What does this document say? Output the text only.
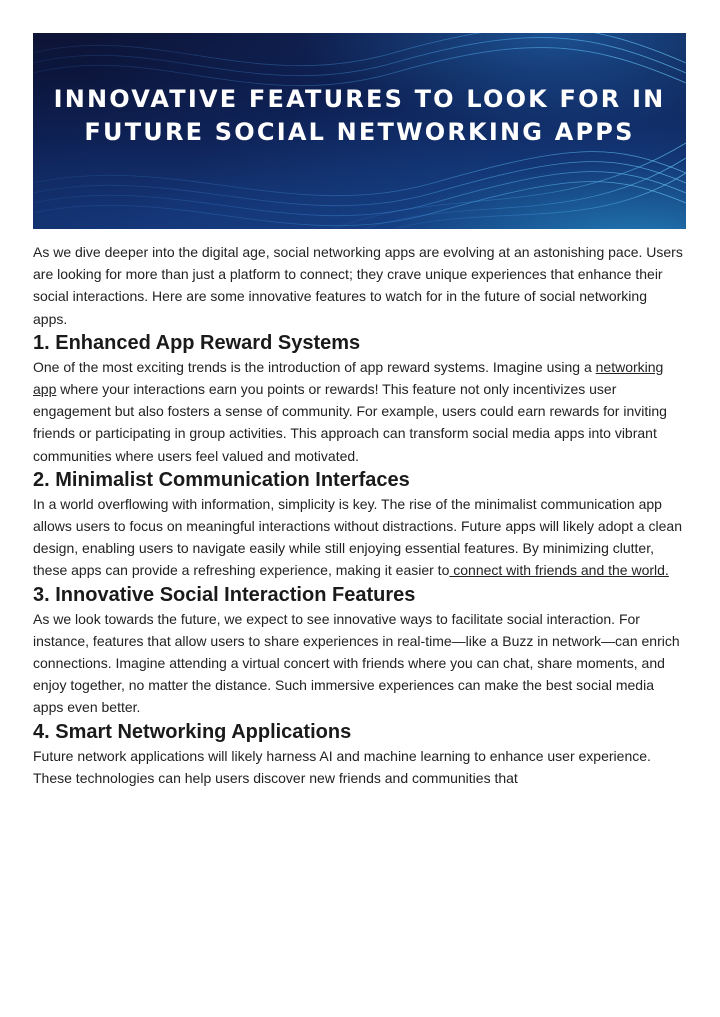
INNOVATIVE FEATURES TO LOOK FOR IN FUTURE SOCIAL NETWORKING APPS

As we dive deeper into the digital age, social networking apps are evolving at an astonishing pace. Users are looking for more than just a platform to connect; they crave unique experiences that enhance their social interactions. Here are some innovative features to watch for in the future of social networking apps.

1. Enhanced App Reward Systems

One of the most exciting trends is the introduction of app reward systems. Imagine using a networking app where your interactions earn you points or rewards! This feature not only incentivizes user engagement but also fosters a sense of community. For example, users could earn rewards for inviting friends or participating in group activities. This approach can transform social media apps into vibrant communities where users feel valued and motivated.

2. Minimalist Communication Interfaces

In a world overflowing with information, simplicity is key. The rise of the minimalist communication app allows users to focus on meaningful interactions without distractions. Future apps will likely adopt a clean design, enabling users to navigate easily while still enjoying essential features. By minimizing clutter, these apps can provide a refreshing experience, making it easier to connect with friends and the world.

3. Innovative Social Interaction Features

As we look towards the future, we expect to see innovative ways to facilitate social interaction. For instance, features that allow users to share experiences in real-time—like a Buzz in network—can enrich connections. Imagine attending a virtual concert with friends where you can chat, share moments, and enjoy together, no matter the distance. Such immersive experiences can make the best social media apps even better.

4. Smart Networking Applications

Future network applications will likely harness AI and machine learning to enhance user experience. These technologies can help users discover new friends and communities that
